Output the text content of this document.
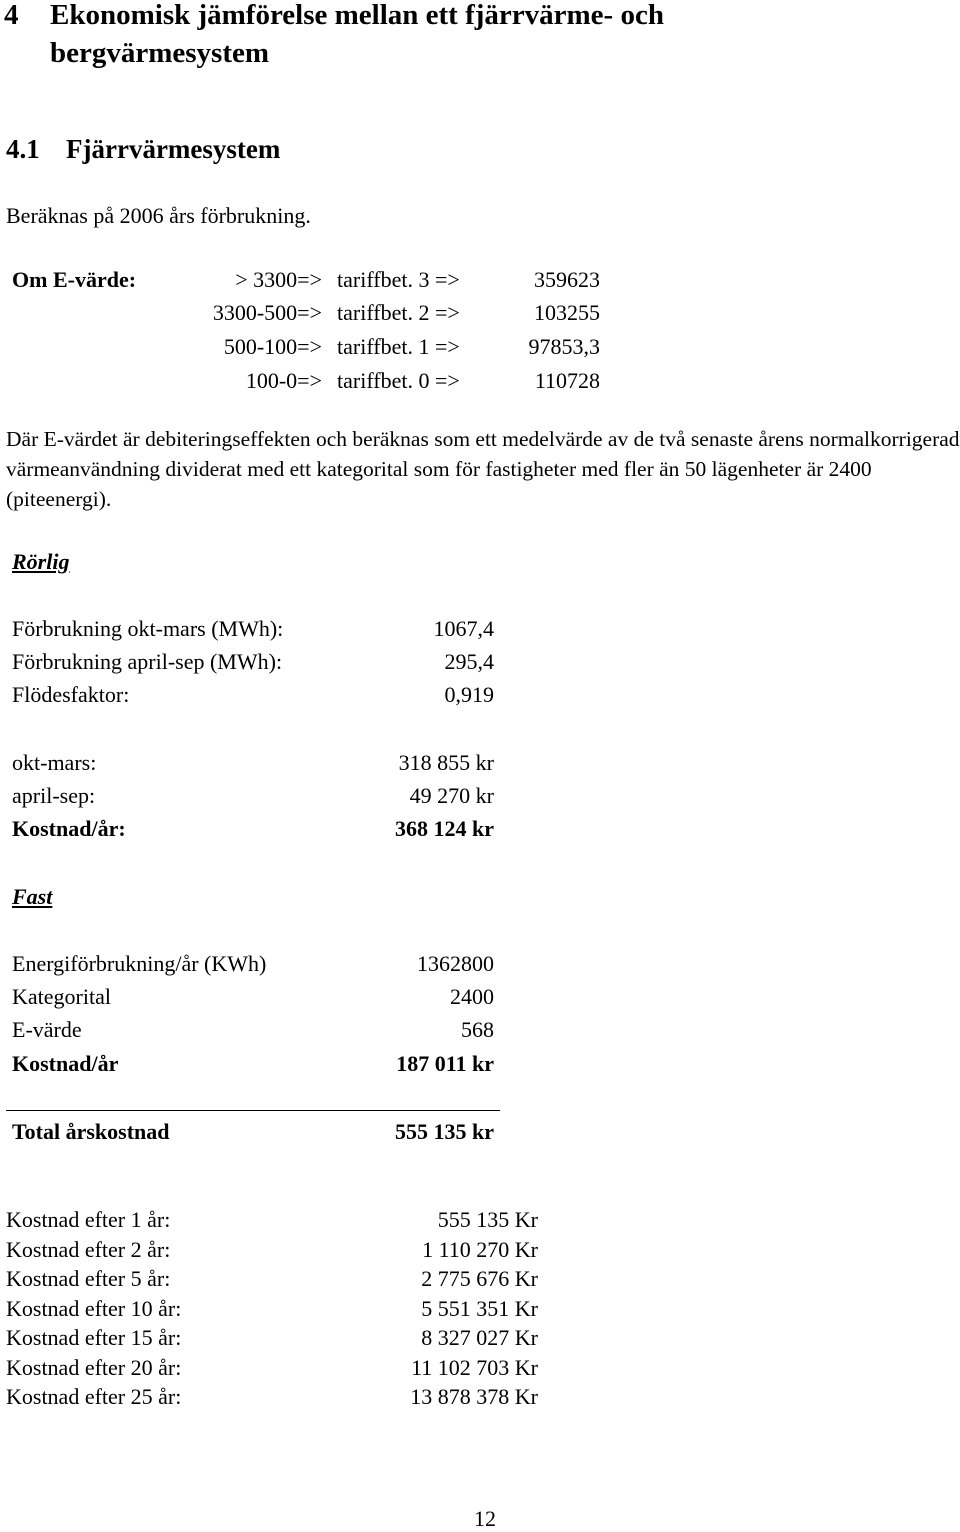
4 Ekonomisk jämförelse mellan ett fjärrvärme- och
bergvärmesystem
4.1 Fjärrvärmesystem
Beräknas på 2006 års förbrukning.
Om E-värde:	> 3300=> tariffbet. 3 =>	359623
3300-500=> tariffbet. 2 =>	103255
500-100=> tariffbet. 1 =>	97853,3
100-0=> tariffbet. 0 =>	110728
Där E-värdet är debiteringseffekten och beräknas som ett medelvärde av de två senaste årens normalkorrigerad värmeanvändning dividerat med ett kategorital som för fastigheter med fler än 50 lägenheter är 2400 (piteenergi).
Rörlig
Förbrukning okt-mars (MWh):	1067,4
Förbrukning april-sep (MWh):	295,4
Flödesfaktor:	0,919
okt-mars:	318 855 kr
april-sep:	49 270 kr
Kostnad/år:	368 124 kr
Fast
Energiförbrukning/år (KWh)	1362800
Kategorital	2400
E-värde	568
Kostnad/år	187 011 kr
Total årskostnad	555 135 kr
Kostnad efter 1 år:	555 135 Kr
Kostnad efter 2 år:	1 110 270 Kr
Kostnad efter 5 år:	2 775 676 Kr
Kostnad efter 10 år:	5 551 351 Kr
Kostnad efter 15 år:	8 327 027 Kr
Kostnad efter 20 år:	11 102 703 Kr
Kostnad efter 25 år:	13 878 378 Kr
12
